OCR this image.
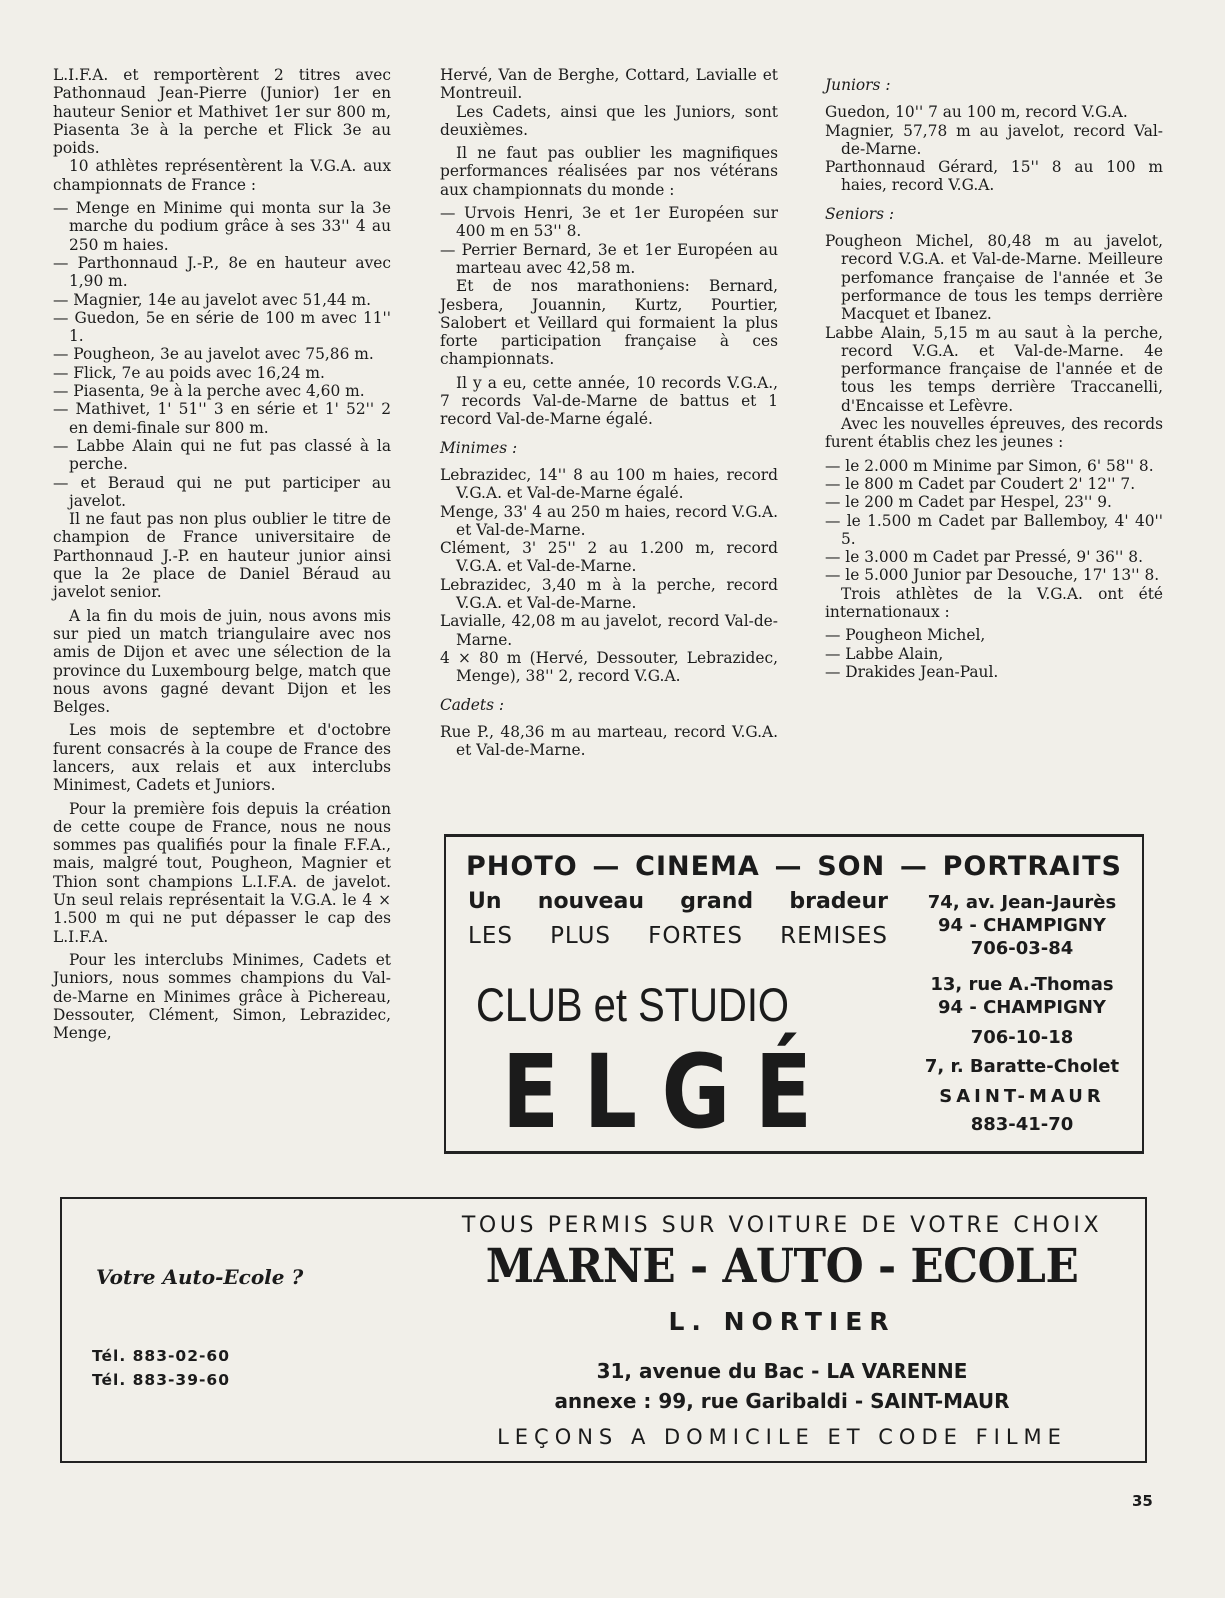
L.I.F.A. et remportèrent 2 titres avec Pathonnaud Jean-Pierre (Junior) 1er en hauteur Senior et Mathivet 1er sur 800 m, Piasenta 3e à la perche et Flick 3e au poids.

10 athlètes représentèrent la V.G.A. aux championnats de France :

— Menge en Minime qui monta sur la 3e marche du podium grâce à ses 33'' 4 au 250 m haies.

— Parthonnaud J.-P., 8e en hauteur avec 1,90 m.

— Magnier, 14e au javelot avec 51,44 m.

— Guedon, 5e en série de 100 m avec 11'' 1.

— Pougheon, 3e au javelot avec 75,86 m.

— Flick, 7e au poids avec 16,24 m.

— Piasenta, 9e à la perche avec 4,60 m.

— Mathivet, 1' 51'' 3 en série et 1' 52'' 2 en demi-finale sur 800 m.

— Labbe Alain qui ne fut pas classé à la perche.

— et Beraud qui ne put participer au javelot.

Il ne faut pas non plus oublier le titre de champion de France universitaire de Parthonnaud J.-P. en hauteur junior ainsi que la 2e place de Daniel Béraud au javelot senior.

A la fin du mois de juin, nous avons mis sur pied un match triangulaire avec nos amis de Dijon et avec une sélection de la province du Luxembourg belge, match que nous avons gagné devant Dijon et les Belges.

Les mois de septembre et d'octobre furent consacrés à la coupe de France des lancers, aux relais et aux interclubs Minimest, Cadets et Juniors.

Pour la première fois depuis la création de cette coupe de France, nous ne nous sommes pas qualifiés pour la finale F.F.A., mais, malgré tout, Pougheon, Magnier et Thion sont champions L.I.F.A. de javelot. Un seul relais représentait la V.G.A. le 4 × 1.500 m qui ne put dépasser le cap des L.I.F.A.

Pour les interclubs Minimes, Cadets et Juniors, nous sommes champions du Val-de-Marne en Minimes grâce à Pichereau, Dessouter, Clément, Simon, Lebrazidec, Menge,

Hervé, Van de Berghe, Cottard, Lavialle et Montreuil.

Les Cadets, ainsi que les Juniors, sont deuxièmes.

Il ne faut pas oublier les magnifiques performances réalisées par nos vétérans aux championnats du monde :

— Urvois Henri, 3e et 1er Européen sur 400 m en 53'' 8.

— Perrier Bernard, 3e et 1er Européen au marteau avec 42,58 m.

Et de nos marathoniens: Bernard, Jesbera, Jouannin, Kurtz, Pourtier, Salobert et Veillard qui formaient la plus forte participation française à ces championnats.

Il y a eu, cette année, 10 records V.G.A., 7 records Val-de-Marne de battus et 1 record Val-de-Marne égalé.

Minimes :

Lebrazidec, 14'' 8 au 100 m haies, record V.G.A. et Val-de-Marne égalé.

Menge, 33' 4 au 250 m haies, record V.G.A. et Val-de-Marne.

Clément, 3' 25'' 2 au 1.200 m, record V.G.A. et Val-de-Marne.

Lebrazidec, 3,40 m à la perche, record V.G.A. et Val-de-Marne.

Lavialle, 42,08 m au javelot, record Val-de-Marne.

4 × 80 m (Hervé, Dessouter, Lebrazidec, Menge), 38'' 2, record V.G.A.

Cadets :

Rue P., 48,36 m au marteau, record V.G.A. et Val-de-Marne.

Juniors :

Guedon, 10'' 7 au 100 m, record V.G.A.

Magnier, 57,78 m au javelot, record Val-de-Marne.

Parthonnaud Gérard, 15'' 8 au 100 m haies, record V.G.A.

Seniors :

Pougheon Michel, 80,48 m au javelot, record V.G.A. et Val-de-Marne. Meilleure perfomance française de l'année et 3e performance de tous les temps derrière Macquet et Ibanez.

Labbe Alain, 5,15 m au saut à la perche, record V.G.A. et Val-de-Marne. 4e performance française de l'année et de tous les temps derrière Traccanelli, d'Encaisse et Lefèvre.

Avec les nouvelles épreuves, des records furent établis chez les jeunes :

— le 2.000 m Minime par Simon, 6' 58'' 8.

— le 800 m Cadet par Coudert 2' 12'' 7.

— le 200 m Cadet par Hespel, 23'' 9.

— le 1.500 m Cadet par Ballemboy, 4' 40'' 5.

— le 3.000 m Cadet par Pressé, 9' 36'' 8.

— le 5.000 Junior par Desouche, 17' 13'' 8.

Trois athlètes de la V.G.A. ont été internationaux :

— Pougheon Michel,

— Labbe Alain,

— Drakides Jean-Paul.

PHOTO — CINEMA — SON — PORTRAITS
Un nouveau grand bradeur
LES PLUS FORTES REMISES
CLUB et STUDIO
ELGÉ
74, av. Jean-Jaurès
94 - CHAMPIGNY
706-03-84
13, rue A.-Thomas
94 - CHAMPIGNY
706-10-18
7, r. Baratte-Cholet
SAINT-MAUR
883-41-70
Votre Auto-Ecole ?
Tél. 883-02-60
Tél. 883-39-60
TOUS PERMIS SUR VOITURE DE VOTRE CHOIX
MARNE - AUTO - ECOLE
L. NORTIER
31, avenue du Bac - LA VARENNE
annexe : 99, rue Garibaldi - SAINT-MAUR
LEÇONS A DOMICILE ET CODE FILME
35
